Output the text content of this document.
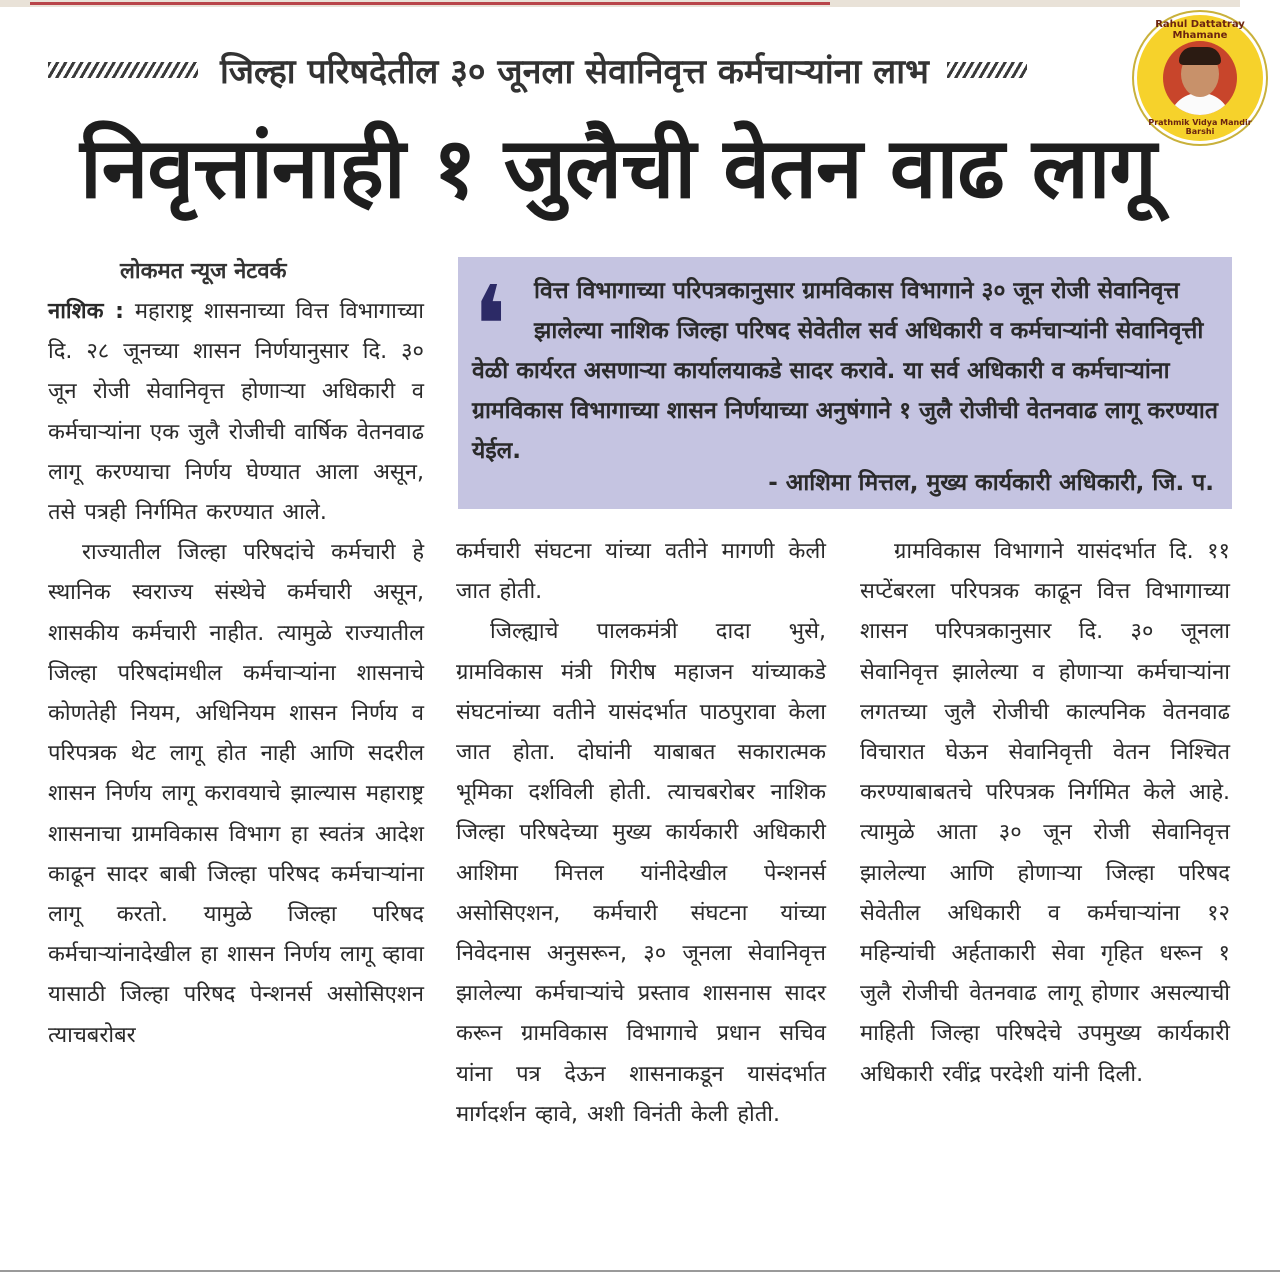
जिल्हा परिषदेतील ३० जूनला सेवानिवृत्त कर्मचाऱ्यांना लाभ
निवृत्तांनाही १ जुलैची वेतन वाढ लागू
Rahul Dattatray Mhamane
Prathmik Vidya Mandir Barshi
लोकमत न्यूज नेटवर्क

नाशिक : महाराष्ट्र शासनाच्या वित्त विभागाच्या दि. २८ जूनच्या शासन निर्णयानुसार दि. ३० जून रोजी सेवानिवृत्त होणाऱ्या अधिकारी व कर्मचाऱ्यांना एक जुलै रोजीची वार्षिक वेतनवाढ लागू करण्याचा निर्णय घेण्यात आला असून, तसे पत्रही निर्गमित करण्यात आले.

राज्यातील जिल्हा परिषदांचे कर्मचारी हे स्थानिक स्वराज्य संस्थेचे कर्मचारी असून, शासकीय कर्मचारी नाहीत. त्यामुळे राज्यातील जिल्हा परिषदांमधील कर्मचाऱ्यांना शासनाचे कोणतेही नियम, अधिनियम शासन निर्णय व परिपत्रक थेट लागू होत नाही आणि सदरील शासन निर्णय लागू करावयाचे झाल्यास महाराष्ट्र शासनाचा ग्रामविकास विभाग हा स्वतंत्र आदेश काढून सादर बाबी जिल्हा परिषद कर्मचाऱ्यांना लागू करतो. यामुळे जिल्हा परिषद कर्मचाऱ्यांनादेखील हा शासन निर्णय लागू व्हावा यासाठी जिल्हा परिषद पेन्शनर्स असोसिएशन त्याचबरोबर

❛	वित्त विभागाच्या परिपत्रकानुसार ग्रामविकास विभागाने ३० जून रोजी सेवानिवृत्त झालेल्या नाशिक जिल्हा परिषद सेवेतील सर्व अधिकारी व कर्मचाऱ्यांनी सेवानिवृत्ती वेळी कार्यरत असणाऱ्या कार्यालयाकडे सादर करावे. या सर्व अधिकारी व कर्मचाऱ्यांना ग्रामविकास विभागाच्या शासन निर्णयाच्या अनुषंगाने १ जुलै रोजीची वेतनवाढ लागू करण्यात येईल.

- आशिमा मित्तल, मुख्य कार्यकारी अधिकारी, जि. प.

कर्मचारी संघटना यांच्या वतीने मागणी केली जात होती.

जिल्ह्याचे पालकमंत्री दादा भुसे, ग्रामविकास मंत्री गिरीष महाजन यांच्याकडे संघटनांच्या वतीने यासंदर्भात पाठपुरावा केला जात होता. दोघांनी याबाबत सकारात्मक भूमिका दर्शविली होती. त्याचबरोबर नाशिक जिल्हा परिषदेच्या मुख्य कार्यकारी अधिकारी आशिमा मित्तल यांनीदेखील पेन्शनर्स असोसिएशन, कर्मचारी संघटना यांच्या निवेदनास अनुसरून, ३० जूनला सेवानिवृत्त झालेल्या कर्मचाऱ्यांचे प्रस्ताव शासनास सादर करून ग्रामविकास विभागाचे प्रधान सचिव यांना पत्र देऊन शासनाकडून यासंदर्भात मार्गदर्शन व्हावे, अशी विनंती केली होती.

ग्रामविकास विभागाने यासंदर्भात दि. ११ सप्टेंबरला परिपत्रक काढून वित्त विभागाच्या शासन परिपत्रकानुसार दि. ३० जूनला सेवानिवृत्त झालेल्या व होणाऱ्या कर्मचाऱ्यांना लगतच्या जुलै रोजीची काल्पनिक वेतनवाढ विचारात घेऊन सेवानिवृत्ती वेतन निश्चित करण्याबाबतचे परिपत्रक निर्गमित केले आहे. त्यामुळे आता ३० जून रोजी सेवानिवृत्त झालेल्या आणि होणाऱ्या जिल्हा परिषद सेवेतील अधिकारी व कर्मचाऱ्यांना १२ महिन्यांची अर्हताकारी सेवा गृहित धरून १ जुलै रोजीची वेतनवाढ लागू होणार असल्याची माहिती जिल्हा परिषदेचे उपमुख्य कार्यकारी अधिकारी रवींद्र परदेशी यांनी दिली.
